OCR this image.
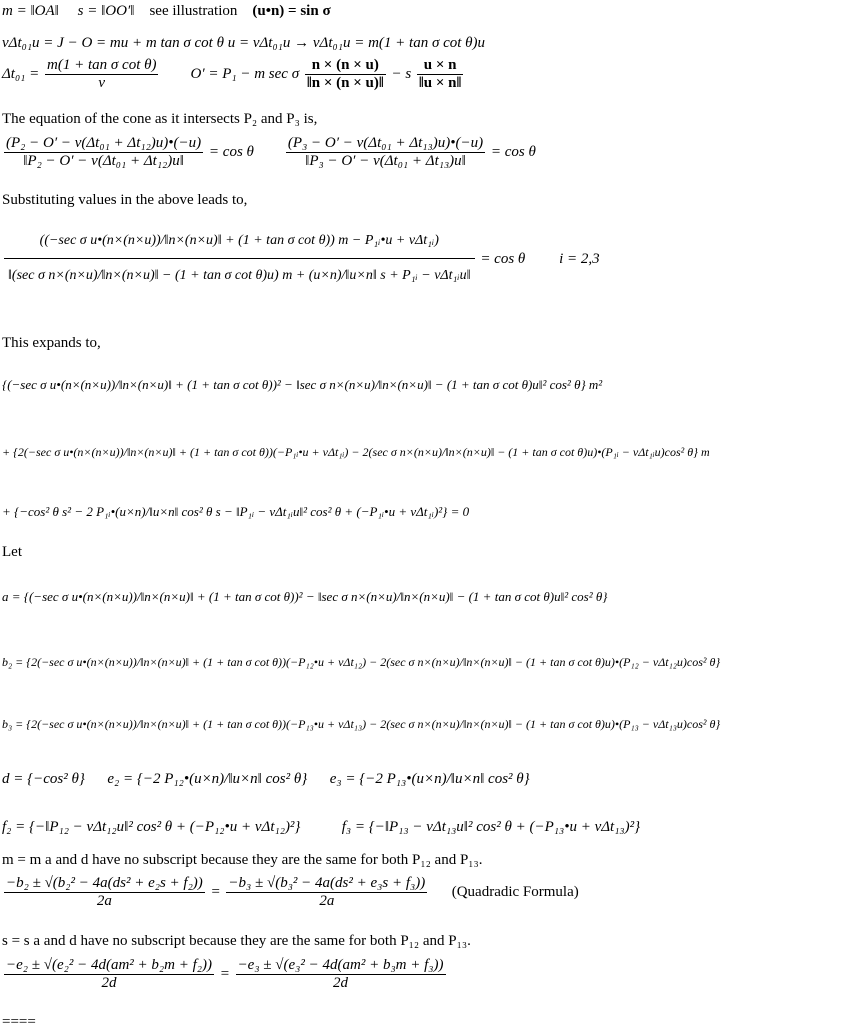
m = ‖OA‖ s = ‖OO′‖ see illustration (u•n) = sin σ
vΔt₀₁u = J − O = mu + m tan σ cot θ u = vΔt₀₁u → vΔt₀₁u = m(1 + tan σ cot θ)u
$\Delta t_{01} = \frac{\text{m(1 + tan σ cot θ)}}{v} O' = P_1 - m$ sec σ $\frac{n \times (n \times u)}{‖n \times (n \times u)‖} - s \frac{u \times n}{‖u \times n‖}$
The equation of the cone as it intersects P₂ and P₃ is,
$\frac{\text{(P₂ − O′ − v(Δt₀₁ + Δt₁₂)u)•(−u)}}{\text{‖P₂ − O′ − v(Δt₀₁ + Δt₁₂)u‖}} = \cos \theta \frac{\text{(P₃ − O′ − v(Δt₀₁ + Δt₁₃)u)•(−u)}}{\text{‖P₃ − O′ − v(Δt₀₁ + Δt₁₃)u‖}} = \cos \theta$
Substituting values in the above leads to,
((−sec σ u•(n×(n×u))/‖n×(n×u)‖ + (1 + tan σ cot θ)) m − P₁ᵢ•u + vΔt₁ᵢ)
‖(sec σ n×(n×u)/‖n×(n×u)‖ − (1 + tan σ cot θ)u) m + (u×n)/‖u×n‖ s + P₁ᵢ − vΔt₁ᵢu‖
= cos θ i = 2,3
This expands to,
{(−sec σ u•(n×(n×u))/‖n×(n×u)‖ + (1 + tan σ cot θ))² − ‖sec σ n×(n×u)/‖n×(n×u)‖ − (1 + tan σ cot θ)u‖² cos² θ} m²
+ {2(−sec σ u•(n×(n×u))/‖n×(n×u)‖ + (1 + tan σ cot θ))(−P₁ᵢ•u + vΔt₁ᵢ) − 2(sec σ n×(n×u)/‖n×(n×u)‖ − (1 + tan σ cot θ)u)•(P₁ᵢ − vΔt₁ᵢu)cos² θ} m
+ {−cos² θ s² − 2 P₁ᵢ•(u×n)/‖u×n‖ cos² θ s − ‖P₁ᵢ − vΔt₁ᵢu‖² cos² θ + (−P₁ᵢ•u + vΔt₁ᵢ)²} = 0
Let
a = {(−sec σ u•(n×(n×u))/‖n×(n×u)‖ + (1 + tan σ cot θ))² − ‖sec σ n×(n×u)/‖n×(n×u)‖ − (1 + tan σ cot θ)u‖² cos² θ}
b₂ = {2(−sec σ u•(n×(n×u))/‖n×(n×u)‖ + (1 + tan σ cot θ))(−P₁₂•u + vΔt₁₂) − 2(sec σ n×(n×u)/‖n×(n×u)‖ − (1 + tan σ cot θ)u)•(P₁₂ − vΔt₁₂u)cos² θ}
b₃ = {2(−sec σ u•(n×(n×u))/‖n×(n×u)‖ + (1 + tan σ cot θ))(−P₁₃•u + vΔt₁₃) − 2(sec σ n×(n×u)/‖n×(n×u)‖ − (1 + tan σ cot θ)u)•(P₁₃ − vΔt₁₃u)cos² θ}
d = {−cos² θ} e₂ = {−2 P₁₂•(u×n)/‖u×n‖ cos² θ} e₃ = {−2 P₁₃•(u×n)/‖u×n‖ cos² θ}
f₂ = {−‖P₁₂ − vΔt₁₂u‖² cos² θ + (−P₁₂•u + vΔt₁₂)²}	f₃ = {−‖P₁₃ − vΔt₁₃u‖² cos² θ + (−P₁₃•u + vΔt₁₃)²}
m = m a and d have no subscript because they are the same for both P₁₂ and P₁₃.
$\frac{\text{−b₂ ± √(b₂² − 4a(ds² + e₂s + f₂))}}{2a} = \frac{\text{−b₃ ± √(b₃² − 4a(ds² + e₃s + f₃))}}{2a}$ (Quadradic Formula)
s = s a and d have no subscript because they are the same for both P₁₂ and P₁₃.
$\frac{\text{−e₂ ± √(e₂² − 4d(am² + b₂m + f₂))}}{2d} = \frac{\text{−e₃ ± √(e₃² − 4d(am² + b₃m + f₃))}}{2d}$
====
